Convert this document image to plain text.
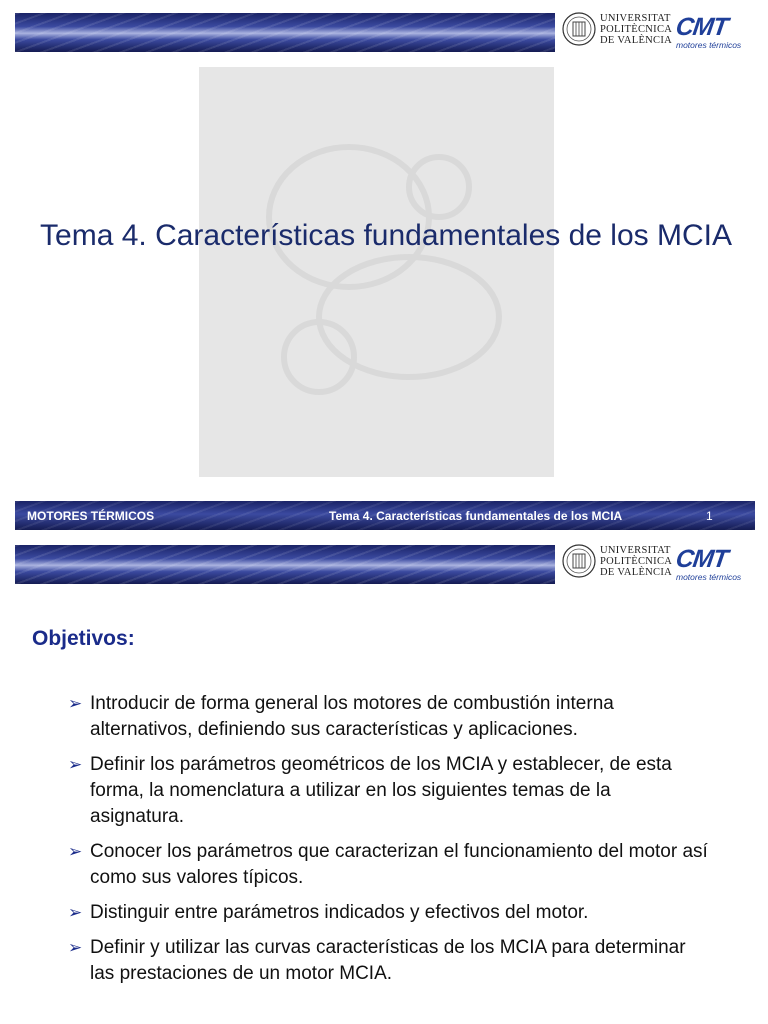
UNIVERSITAT
POLITÈCNICA
DE VALÈNCIA CMT
motores térmicos
Tema 4. Características fundamentales de los MCIA
MOTORES TÉRMICOS	Tema 4. Características fundamentales de los MCIA	1
UNIVERSITAT
POLITÈCNICA
DE VALÈNCIA CMT
motores térmicos
Objetivos:
➢ Introducir de forma general los motores de combustión interna alternativos, definiendo sus características y aplicaciones.
➢ Definir los parámetros geométricos de los MCIA y establecer, de esta forma, la nomenclatura a utilizar en los siguientes temas de la asignatura.
➢ Conocer los parámetros que caracterizan el funcionamiento del motor así como sus valores típicos.
➢ Distinguir entre parámetros indicados y efectivos del motor.
➢ Definir y utilizar las curvas características de los MCIA para determinar las prestaciones de un motor MCIA.
